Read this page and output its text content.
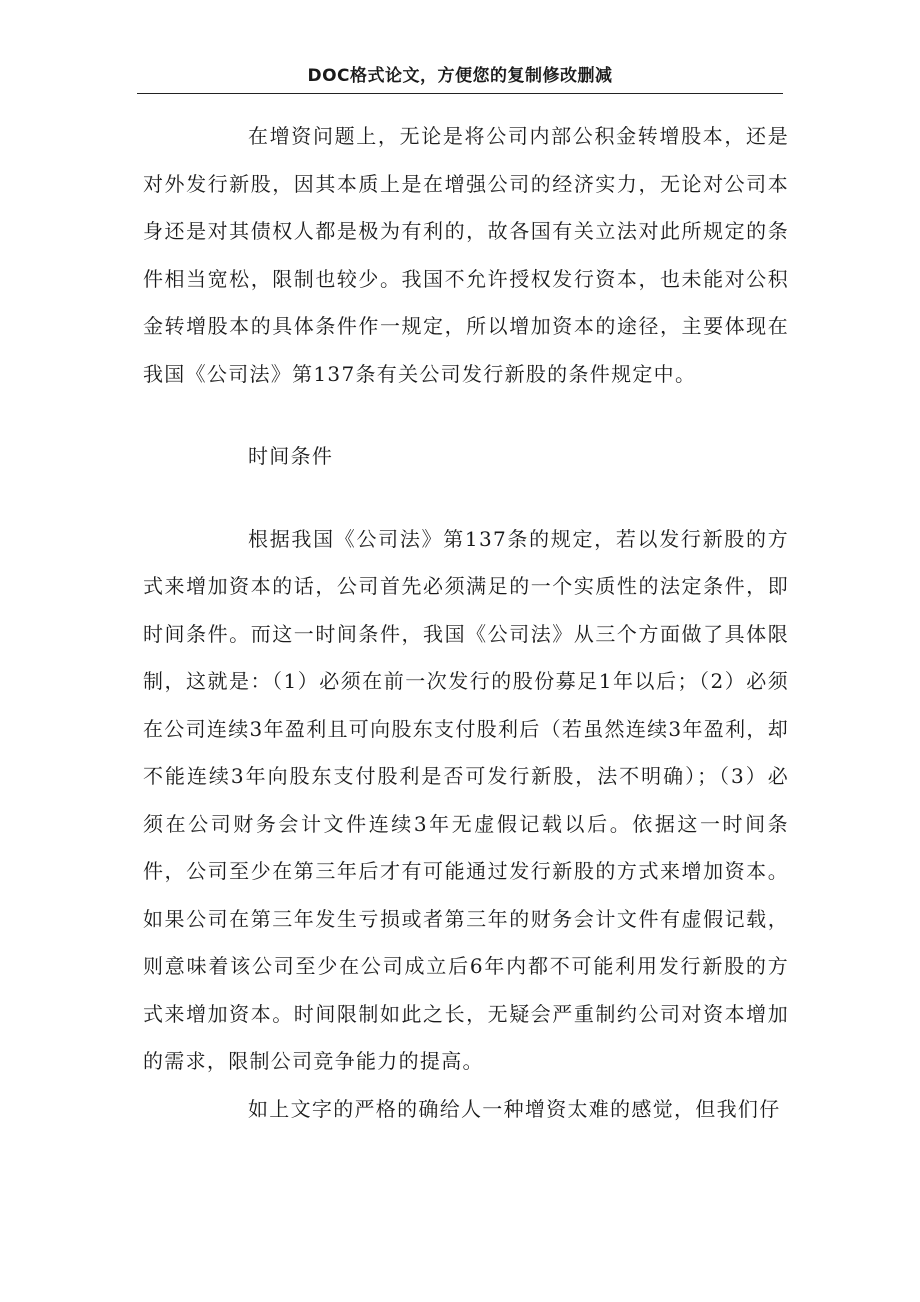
DOC格式论文，方便您的复制修改删减

在增资问题上，无论是将公司内部公积金转增股本，还是对外发行新股，因其本质上是在增强公司的经济实力，无论对公司本身还是对其债权人都是极为有利的，故各国有关立法对此所规定的条件相当宽松，限制也较少。我国不允许授权发行资本，也未能对公积金转增股本的具体条件作一规定，所以增加资本的途径，主要体现在我国《公司法》第137条有关公司发行新股的条件规定中。

时间条件

根据我国《公司法》第137条的规定，若以发行新股的方式来增加资本的话，公司首先必须满足的一个实质性的法定条件，即时间条件。而这一时间条件，我国《公司法》从三个方面做了具体限制，这就是：（1）必须在前一次发行的股份募足1年以后；（2）必须在公司连续3年盈利且可向股东支付股利后（若虽然连续3年盈利，却不能连续3年向股东支付股利是否可发行新股，法不明确）；（3）必须在公司财务会计文件连续3年无虚假记载以后。依据这一时间条件，公司至少在第三年后才有可能通过发行新股的方式来增加资本。如果公司在第三年发生亏损或者第三年的财务会计文件有虚假记载，则意味着该公司至少在公司成立后6年内都不可能利用发行新股的方式来增加资本。时间限制如此之长，无疑会严重制约公司对资本增加的需求，限制公司竞争能力的提高。

如上文字的严格的确给人一种增资太难的感觉，但我们仔
